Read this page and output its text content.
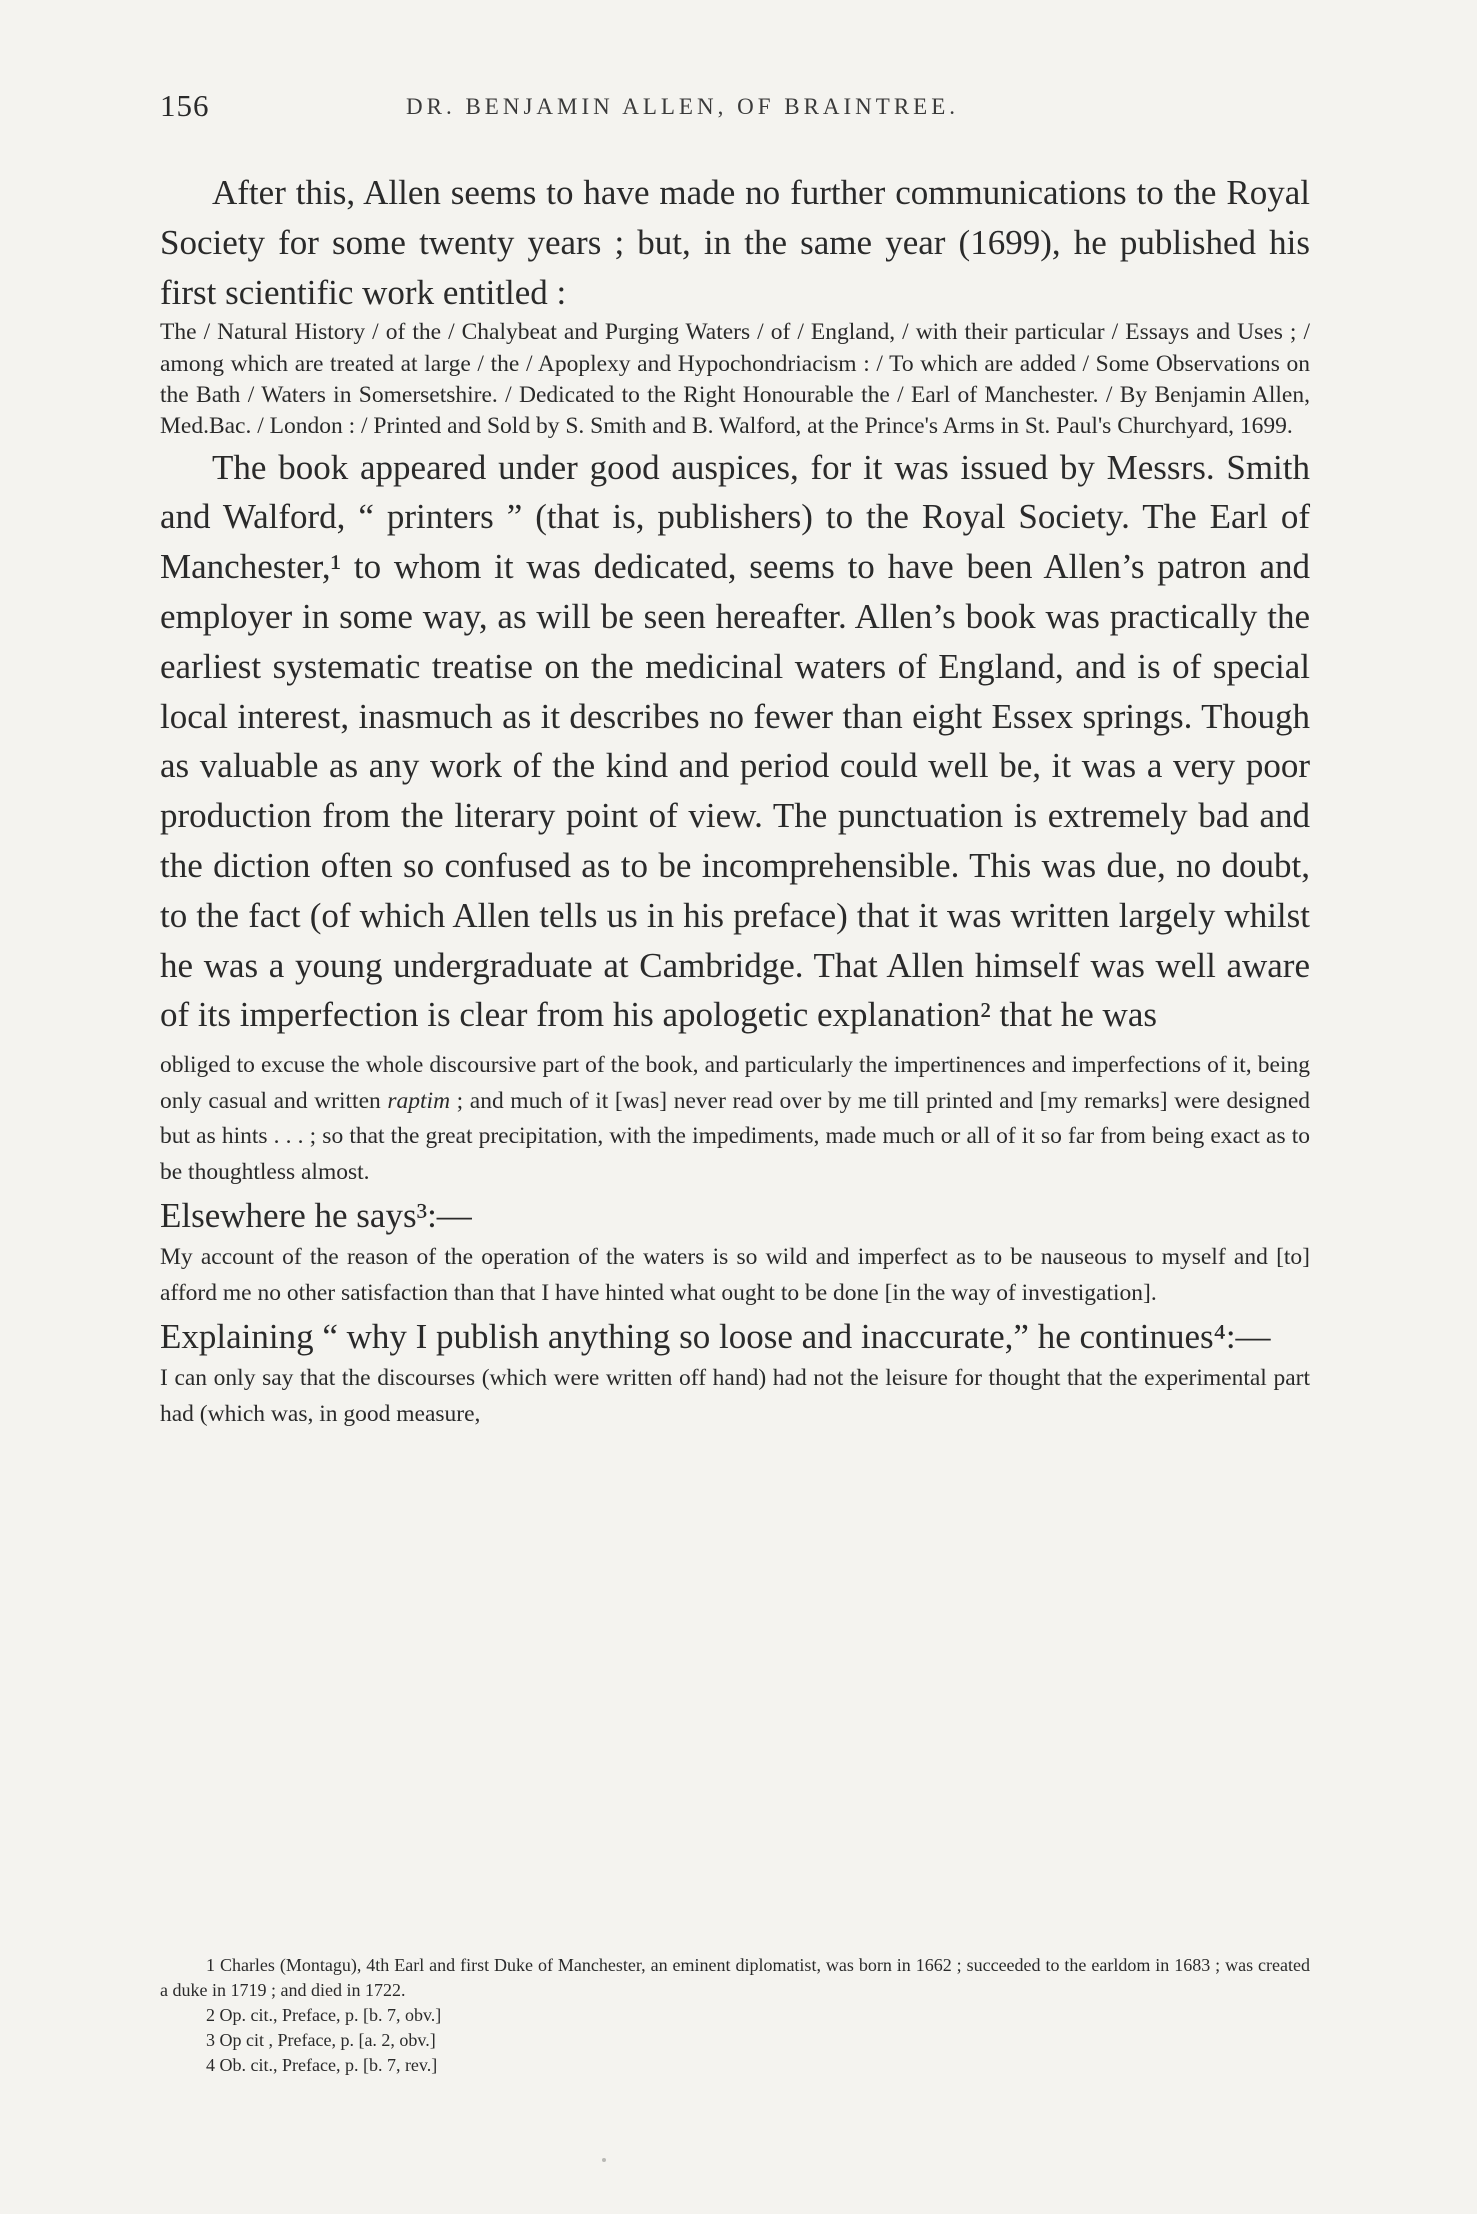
156	DR. BENJAMIN ALLEN, OF BRAINTREE.

After this, Allen seems to have made no further communications to the Royal Society for some twenty years ; but, in the same year (1699), he published his first scientific work entitled :

The / Natural History / of the / Chalybeat and Purging Waters / of / England, / with their particular / Essays and Uses ; / among which are treated at large / the / Apoplexy and Hypochondriacism : / To which are added / Some Observations on the Bath / Waters in Somersetshire. / Dedicated to the Right Honourable the / Earl of Manchester. / By Benjamin Allen, Med.Bac. / London : / Printed and Sold by S. Smith and B. Walford, at the Prince's Arms in St. Paul's Churchyard, 1699.

The book appeared under good auspices, for it was issued by Messrs. Smith and Walford, “ printers ” (that is, publishers) to the Royal Society. The Earl of Manchester,¹ to whom it was dedicated, seems to have been Allen’s patron and employer in some way, as will be seen hereafter. Allen’s book was practically the earliest systematic treatise on the medicinal waters of England, and is of special local interest, inasmuch as it describes no fewer than eight Essex springs. Though as valuable as any work of the kind and period could well be, it was a very poor production from the literary point of view. The punctuation is extremely bad and the diction often so confused as to be incomprehensible. This was due, no doubt, to the fact (of which Allen tells us in his preface) that it was written largely whilst he was a young undergraduate at Cambridge. That Allen himself was well aware of its imperfection is clear from his apologetic explanation² that he was

obliged to excuse the whole discoursive part of the book, and particularly the impertinences and imperfections of it, being only casual and written raptim ; and much of it [was] never read over by me till printed and [my remarks] were designed but as hints . . . ; so that the great precipitation, with the impediments, made much or all of it so far from being exact as to be thoughtless almost.

Elsewhere he says³:—

My account of the reason of the operation of the waters is so wild and imperfect as to be nauseous to myself and [to] afford me no other satisfaction than that I have hinted what ought to be done [in the way of investigation].

Explaining “ why I publish anything so loose and inaccurate,” he continues⁴:—

I can only say that the discourses (which were written off hand) had not the leisure for thought that the experimental part had (which was, in good measure,

1 Charles (Montagu), 4th Earl and first Duke of Manchester, an eminent diplomatist, was born in 1662 ; succeeded to the earldom in 1683 ; was created a duke in 1719 ; and died in 1722.

2 Op. cit., Preface, p. [b. 7, obv.]

3 Op cit , Preface, p. [a. 2, obv.]

4 Ob. cit., Preface, p. [b. 7, rev.]
